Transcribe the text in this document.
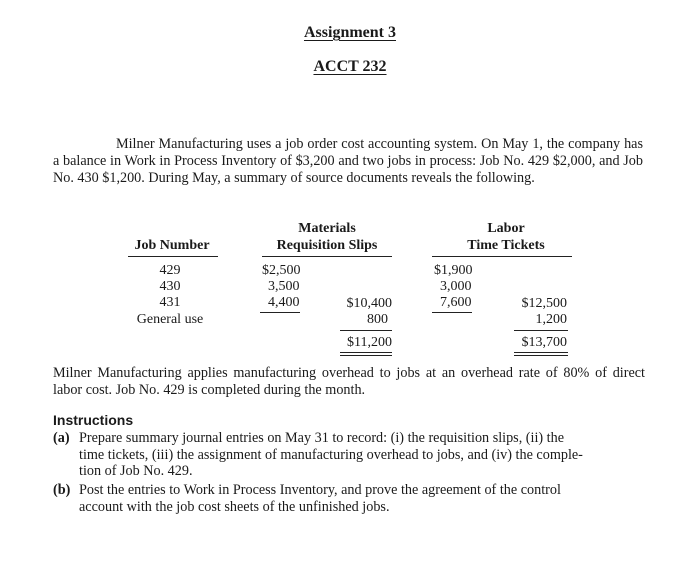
Assignment 3
ACCT 232
Milner Manufacturing uses a job order cost accounting system. On May 1, the company has a balance in Work in Process Inventory of $3,200 and two jobs in process: Job No. 429 $2,000, and Job No. 430 $1,200. During May, a summary of source documents reveals the following.
Job Number
Materials
Requisition Slips
Labor
Time Tickets
429
430
431
General use
$2,500
3,500
4,400	$10,400
800
$11,200
$1,900
3,000
7,600	$12,500
1,200
$13,700
Milner Manufacturing applies manufacturing overhead to jobs at an overhead rate of 80% of direct labor cost. Job No. 429 is completed during the month.
Instructions
(a) Prepare summary journal entries on May 31 to record: (i) the requisition slips, (ii) the
time tickets, (iii) the assignment of manufacturing overhead to jobs, and (iv) the comple-
tion of Job No. 429.
(b) Post the entries to Work in Process Inventory, and prove the agreement of the control
account with the job cost sheets of the unfinished jobs.
